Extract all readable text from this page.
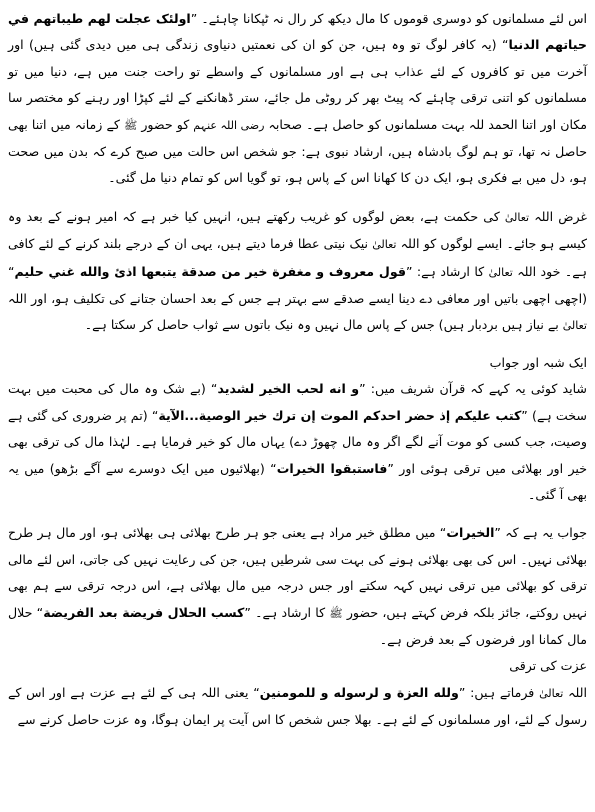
اس لئے مسلمانوں کو دوسری قوموں کا مال دیکھ کر رال نہ ٹپکانا چاہئے۔ ”اولئک عجلت لهم طيباتهم في حياتهم الدنيا“ (یہ کافر لوگ تو وہ ہیں، جن کو ان کی نعمتیں دنیاوی زندگی ہی میں دیدی گئی ہیں) اور آخرت میں تو کافروں کے لئے عذاب ہی ہے اور مسلمانوں کے واسطے تو راحت جنت میں ہے، دنیا میں تو مسلمانوں کو اتنی ترقی چاہئے کہ پیٹ بھر کر روٹی مل جائے، ستر ڈھانکنے کے لئے کپڑا اور رہنے کو مختصر سا مکان اور اتنا الحمد للہ بہت مسلمانوں کو حاصل ہے۔ صحابہ رضی اللہ عنہم کو حضور ﷺ کے زمانہ میں اتنا بھی حاصل نہ تھا، تو ہم لوگ بادشاہ ہیں، ارشاد نبوی ہے: جو شخص اس حالت میں صبح کرے کہ بدن میں صحت ہو، دل میں بے فکری ہو، ایک دن کا کھانا اس کے پاس ہو، تو گویا اس کو تمام دنیا مل گئی۔

غرض اللہ تعالیٰ کی حکمت ہے، بعض لوگوں کو غریب رکھتے ہیں، انہیں کیا خبر ہے کہ امیر ہونے کے بعد وہ کیسے ہو جائے۔ ایسے لوگوں کو اللہ تعالیٰ نیک نیتی عطا فرما دیتے ہیں، یہی ان کے درجے بلند کرنے کے لئے کافی ہے۔ خود اللہ تعالیٰ کا ارشاد ہے: ”قول معروف و مغفرة خير من صدقة يتبعها اذئ والله غني حليم“ (اچھی اچھی باتیں اور معافی دے دینا ایسے صدقے سے بہتر ہے جس کے بعد احسان جتانے کی تکلیف ہو، اور اللہ تعالیٰ بے نیاز ہیں بردبار ہیں) جس کے پاس مال نہیں وہ نیک باتوں سے ثواب حاصل کر سکتا ہے۔

ایک شبہ اور جواب

شاید کوئی یہ کہے کہ قرآن شریف میں: ”و انه لحب الخير لشديد“ (بے شک وہ مال کی محبت میں بہت سخت ہے) ”كتب عليكم إذ حضر احدكم الموت إن ترك خير الوصية...الآية“ (تم پر ضروری کی گئی ہے وصیت، جب کسی کو موت آنے لگے اگر وہ مال چھوڑ دے) یہاں مال کو خیر فرمایا ہے۔ لہٰذا مال کی ترقی بھی خیر اور بھلائی میں ترقی ہوئی اور ”فاستبقوا الخيرات“ (بھلائیوں میں ایک دوسرے سے آگے بڑھو) میں یہ بھی آ گئی۔

جواب یہ ہے کہ ”الخيرات“ میں مطلق خیر مراد ہے یعنی جو ہر طرح بھلائی ہی بھلائی ہو، اور مال ہر طرح بھلائی نہیں۔ اس کی بھی بھلائی ہونے کی بہت سی شرطیں ہیں، جن کی رعایت نہیں کی جاتی، اس لئے مالی ترقی کو بھلائی میں ترقی نہیں کہہ سکتے اور جس درجہ میں مال بھلائی ہے، اس درجہ ترقی سے ہم بھی نہیں روکتے، جائز بلکہ فرض کہتے ہیں، حضور ﷺ کا ارشاد ہے۔ ”كسب الحلال فريضة بعد الفريضة“ حلال مال کمانا اور فرضوں کے بعد فرض ہے۔

عزت کی ترقی

اللہ تعالیٰ فرماتے ہیں: ”ولله العزة و لرسوله و للمومنين“ یعنی اللہ ہی کے لئے ہے عزت ہے اور اس کے رسول کے لئے، اور مسلمانوں کے لئے ہے۔ بھلا جس شخص کا اس آیت پر ایمان ہوگا، وہ عزت حاصل کرنے سے
